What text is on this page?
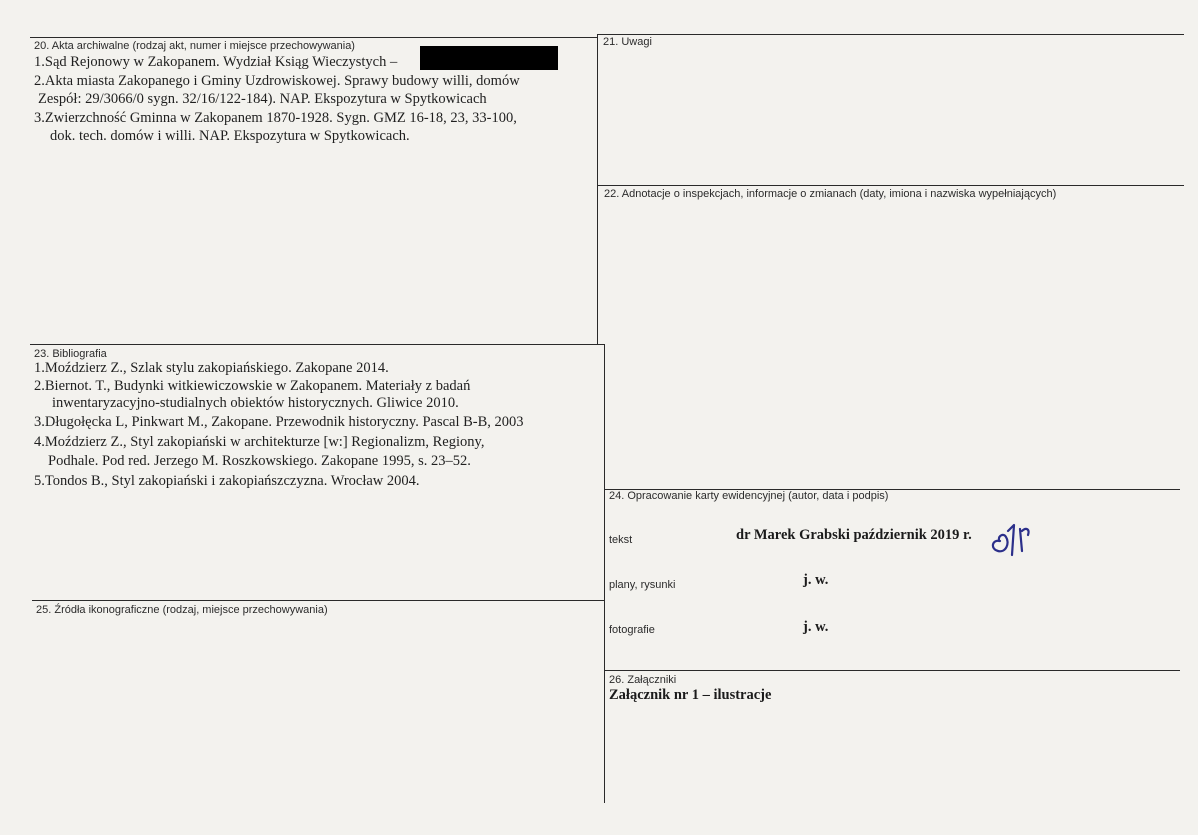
20. Akta archiwalne (rodzaj akt, numer i miejsce przechowywania)
1.Sąd Rejonowy w Zakopanem. Wydział Ksiąg Wieczystych –
2.Akta miasta Zakopanego i Gminy Uzdrowiskowej. Sprawy budowy willi, domów
Zespół: 29/3066/0 sygn. 32/16/122-184). NAP. Ekspozytura w Spytkowicach
3.Zwierzchność Gminna w Zakopanem 1870-1928. Sygn. GMZ 16-18, 23, 33-100,
dok. tech. domów i willi. NAP. Ekspozytura w Spytkowicach.
21. Uwagi
22. Adnotacje o inspekcjach, informacje o zmianach (daty, imiona i nazwiska wypełniających)
23. Bibliografia
1.Moździerz Z., Szlak stylu zakopiańskiego. Zakopane 2014.
2.Biernot. T., Budynki witkiewiczowskie w Zakopanem. Materiały z badań
inwentaryzacyjno-studialnych obiektów historycznych. Gliwice 2010.
3.Długołęcka L, Pinkwart M., Zakopane. Przewodnik historyczny. Pascal B-B, 2003
4.Moździerz Z., Styl zakopiański w architekturze [w:] Regionalizm, Regiony,
Podhale. Pod red. Jerzego M. Roszkowskiego. Zakopane 1995, s. 23–52.
5.Tondos B., Styl zakopiański i zakopiańszczyzna. Wrocław 2004.
24. Opracowanie karty ewidencyjnej (autor, data i podpis)
tekst	dr Marek Grabski październik 2019 r.
plany, rysunki	j. w.
fotografie	j. w.
25. Źródła ikonograficzne (rodzaj, miejsce przechowywania)
26. Załączniki
Załącznik nr 1 – ilustracje
